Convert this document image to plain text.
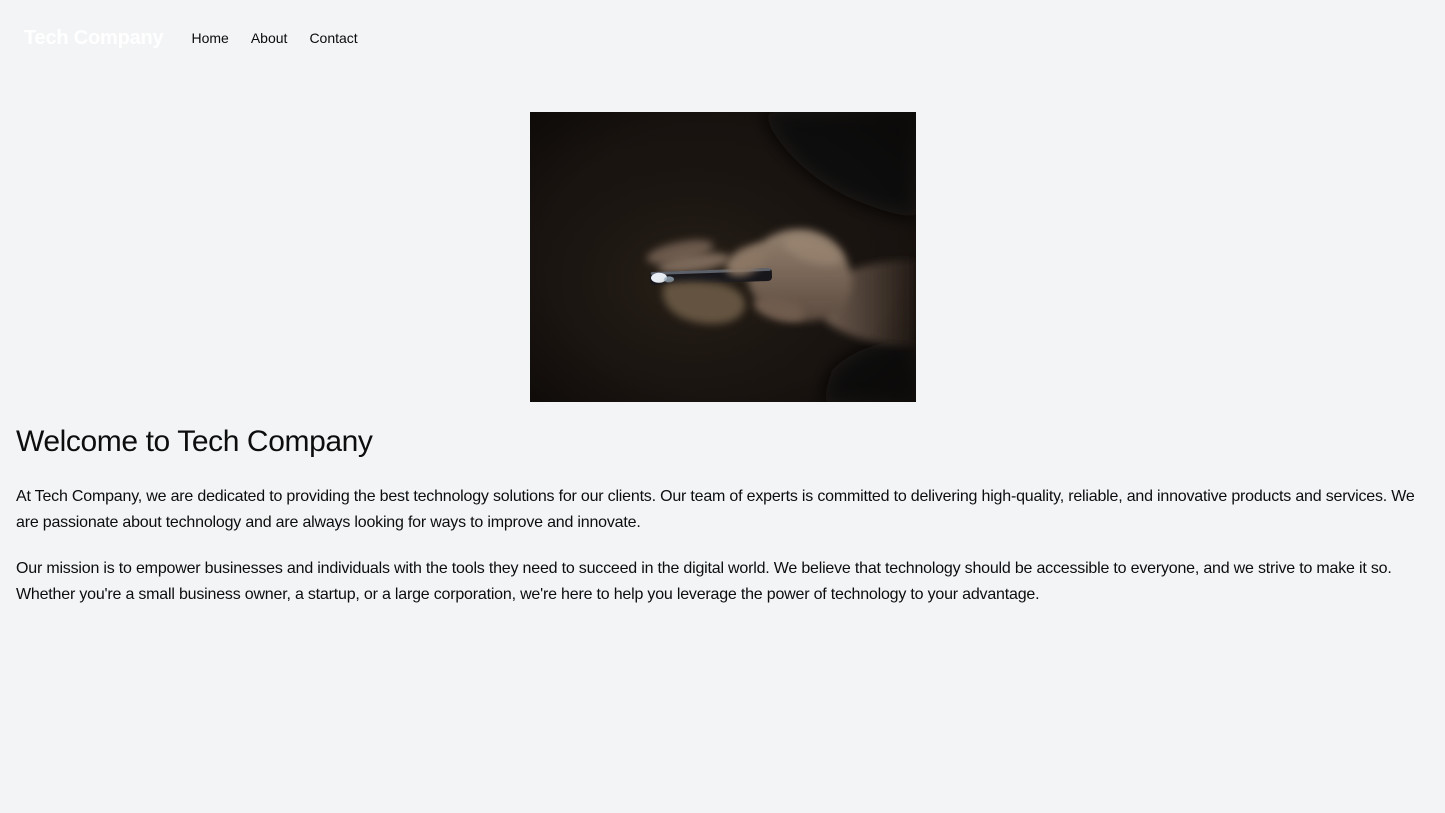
Tech Company Home About Contact
Welcome to Tech Company

At Tech Company, we are dedicated to providing the best technology solutions for our clients. Our team of experts is committed to delivering high-quality, reliable, and innovative products and services. We are passionate about technology and are always looking for ways to improve and innovate.

Our mission is to empower businesses and individuals with the tools they need to succeed in the digital world. We believe that technology should be accessible to everyone, and we strive to make it so. Whether you're a small business owner, a startup, or a large corporation, we're here to help you leverage the power of technology to your advantage.
